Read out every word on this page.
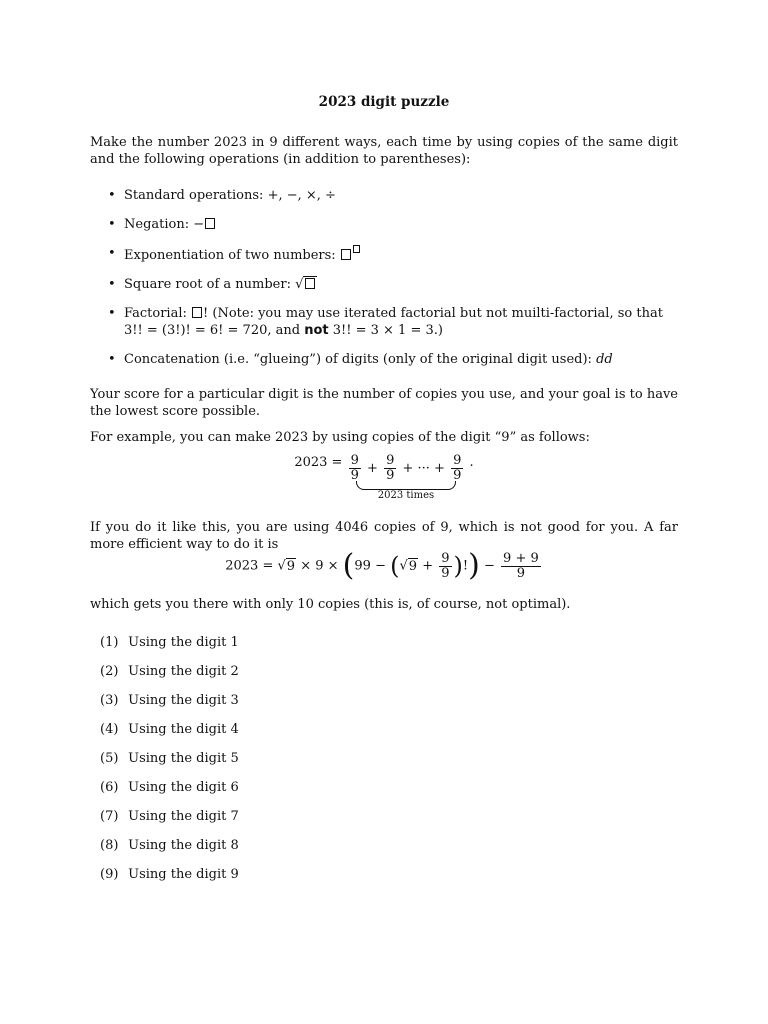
2023 digit puzzle
Make the number 2023 in 9 different ways, each time by using copies of the same digit and the following operations (in addition to parentheses):
• Standard operations: +, −, ×, ÷
• Negation: −
• Exponentiation of two numbers:
• Square root of a number: √
• Factorial: ! (Note: you may use iterated factorial but not muilti-factorial, so that 3!! = (3!)! = 6! = 720, and not 3!! = 3 × 1 = 3.)
• Concatenation (i.e. “glueing”) of digits (only of the original digit used): dd
Your score for a particular digit is the number of copies you use, and your goal is to have the lowest score possible.
For example, you can make 2023 by using copies of the digit “9” as follows:
$2023 = \frac{9}{9} + \frac{9}{9}$ + ··· + $\frac{9}{9}$
2023 times
.
If you do it like this, you are using 4046 copies of 9, which is not good for you. A far more efficient way to do it is
$2023 = √9 \times 9 \times (99 - (√9 + \frac{9}{9}$ )!) − $\frac{9 + 9}{9}$
which gets you there with only 10 copies (this is, of course, not optimal).
(1) Using the digit 1
(2) Using the digit 2
(3) Using the digit 3
(4) Using the digit 4
(5) Using the digit 5
(6) Using the digit 6
(7) Using the digit 7
(8) Using the digit 8
(9) Using the digit 9
